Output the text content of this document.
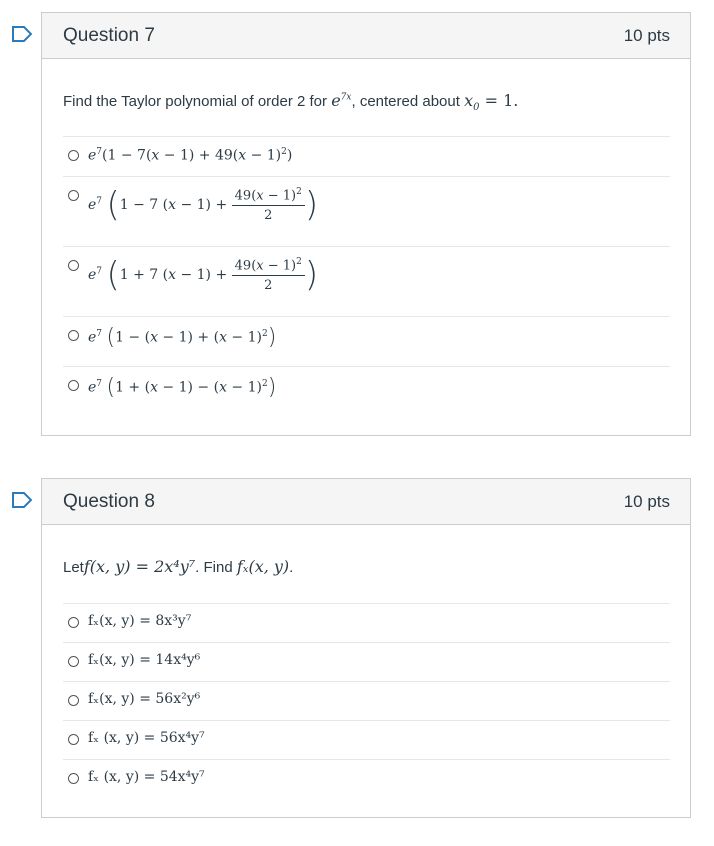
Question 7	10 pts
Find the Taylor polynomial of order 2 for $e^{7x}$, centered about $x_0 = 1$.
$e^7(1 - 7(x - 1) + 49(x - 1)^2)$
$e^7$ (1 − 7 $(x - 1) + \frac{49(x - 1)^2}{2}$ )
$e^7$ (1 + 7 $(x - 1) + \frac{49(x - 1)^2}{2}$ )
$e^7$ $(1 - (x - 1) + (x - 1)^2)$
$e^7$ $(1 + (x - 1) - (x - 1)^2)$
Question 8	10 pts
Letf(x, y) = 2x⁴y⁷. Find fₓ(x, y).
fₓ(x, y) = 8x³y⁷
fₓ(x, y) = 14x⁴y⁶
fₓ(x, y) = 56x²y⁶
fₓ (x, y) = 56x⁴y⁷
fₓ (x, y) = 54x⁴y⁷
